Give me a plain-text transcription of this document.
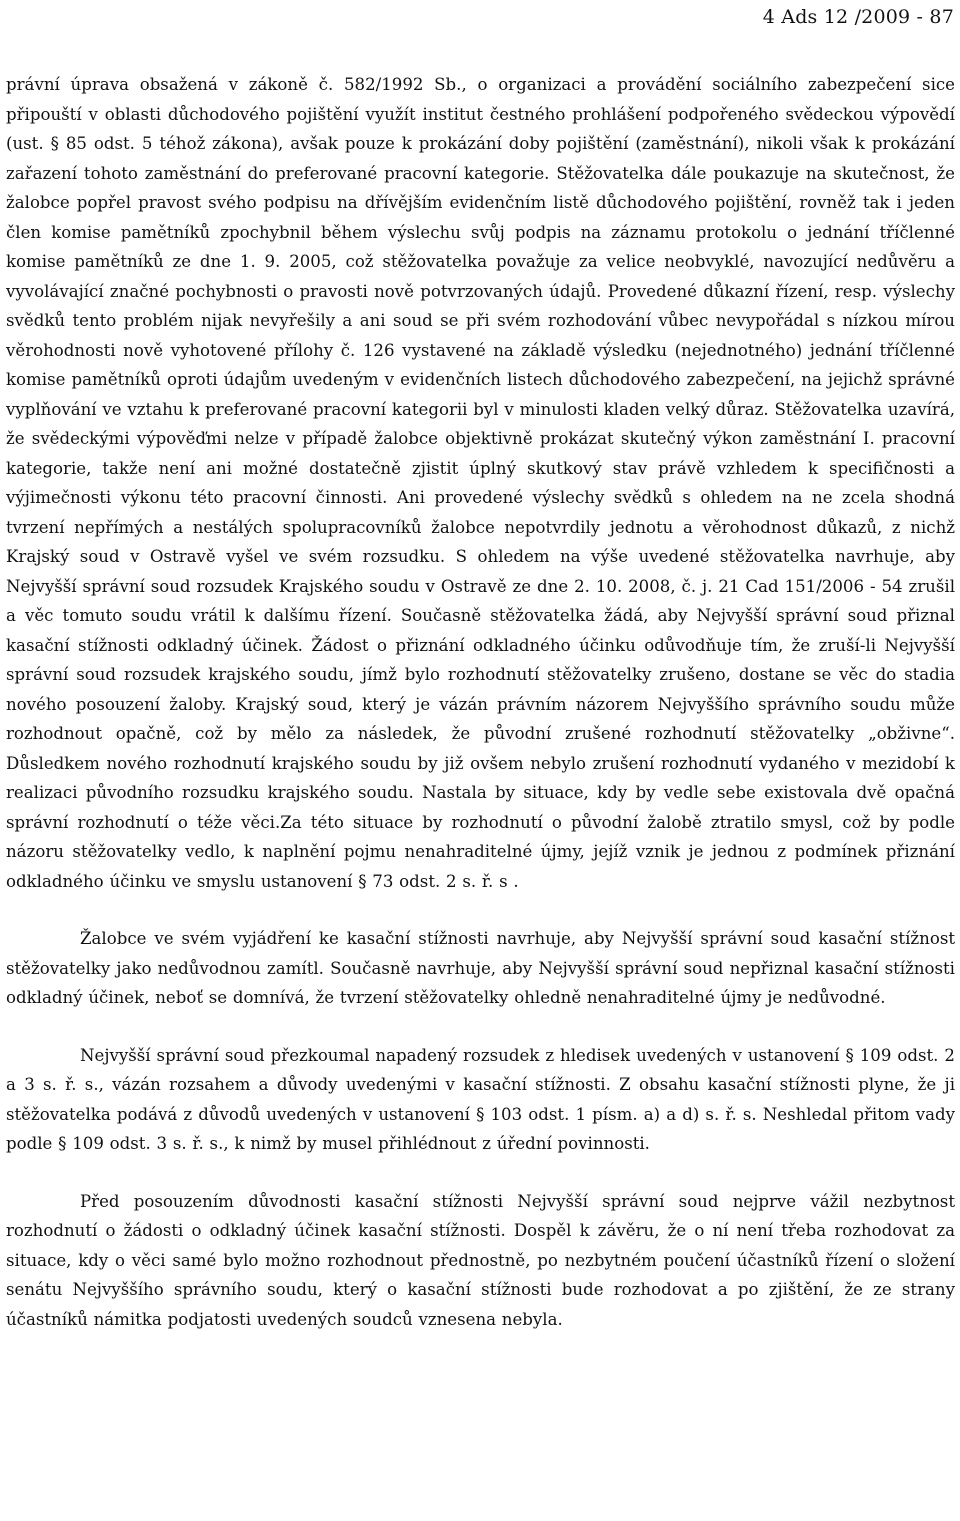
4 Ads 12 /2009 - 87

právní úprava obsažená v zákoně č. 582/1992 Sb., o organizaci a provádění sociálního zabezpečení sice připouští v oblasti důchodového pojištění využít institut čestného prohlášení podpořeného svědeckou výpovědí (ust. § 85 odst. 5 téhož zákona), avšak pouze k prokázání doby pojištění (zaměstnání), nikoli však k prokázání zařazení tohoto zaměstnání do preferované pracovní kategorie. Stěžovatelka dále poukazuje na skutečnost, že žalobce popřel pravost svého podpisu na dřívějším evidenčním listě důchodového pojištění, rovněž tak i jeden člen komise pamětníků zpochybnil během výslechu svůj podpis na záznamu protokolu o jednání tříčlenné komise pamětníků ze dne 1. 9. 2005, což stěžovatelka považuje za velice neobvyklé, navozující nedůvěru a vyvolávající značné pochybnosti o pravosti nově potvrzovaných údajů. Provedené důkazní řízení, resp. výslechy svědků tento problém nijak nevyřešily a ani soud se při svém rozhodování vůbec nevypořádal s nízkou mírou věrohodnosti nově vyhotovené přílohy č. 126 vystavené na základě výsledku (nejednotného) jednání tříčlenné komise pamětníků oproti údajům uvedeným v evidenčních listech důchodového zabezpečení, na jejichž správné vyplňování ve vztahu k preferované pracovní kategorii byl v minulosti kladen velký důraz. Stěžovatelka uzavírá, že svědeckými výpověďmi nelze v případě žalobce objektivně prokázat skutečný výkon zaměstnání I. pracovní kategorie, takže není ani možné dostatečně zjistit úplný skutkový stav právě vzhledem k specifičnosti a výjimečnosti výkonu této pracovní činnosti. Ani provedené výslechy svědků s ohledem na ne zcela shodná tvrzení nepřímých a nestálých spolupracovníků žalobce nepotvrdily jednotu a věrohodnost důkazů, z nichž Krajský soud v Ostravě vyšel ve svém rozsudku. S ohledem na výše uvedené stěžovatelka navrhuje, aby Nejvyšší správní soud rozsudek Krajského soudu v Ostravě ze dne 2. 10. 2008, č. j. 21 Cad 151/2006 - 54 zrušil a věc tomuto soudu vrátil k dalšímu řízení. Současně stěžovatelka žádá, aby Nejvyšší správní soud přiznal kasační stížnosti odkladný účinek. Žádost o přiznání odkladného účinku odůvodňuje tím, že zruší-li Nejvyšší správní soud rozsudek krajského soudu, jímž bylo rozhodnutí stěžovatelky zrušeno, dostane se věc do stadia nového posouzení žaloby. Krajský soud, který je vázán právním názorem Nejvyššího správního soudu může rozhodnout opačně, což by mělo za následek, že původní zrušené rozhodnutí stěžovatelky „obživne“. Důsledkem nového rozhodnutí krajského soudu by již ovšem nebylo zrušení rozhodnutí vydaného v mezidobí k realizaci původního rozsudku krajského soudu. Nastala by situace, kdy by vedle sebe existovala dvě opačná správní rozhodnutí o téže věci.Za této situace by rozhodnutí o původní žalobě ztratilo smysl, což by podle názoru stěžovatelky vedlo, k naplnění pojmu nenahraditelné újmy, jejíž vznik je jednou z podmínek přiznání odkladného účinku ve smyslu ustanovení § 73 odst. 2 s. ř. s .

Žalobce ve svém vyjádření ke kasační stížnosti navrhuje, aby Nejvyšší správní soud kasační stížnost stěžovatelky jako nedůvodnou zamítl. Současně navrhuje, aby Nejvyšší správní soud nepřiznal kasační stížnosti odkladný účinek, neboť se domnívá, že tvrzení stěžovatelky ohledně nenahraditelné újmy je nedůvodné.

Nejvyšší správní soud přezkoumal napadený rozsudek z hledisek uvedených v ustanovení § 109 odst. 2 a 3 s. ř. s., vázán rozsahem a důvody uvedenými v kasační stížnosti. Z obsahu kasační stížnosti plyne, že ji stěžovatelka podává z důvodů uvedených v ustanovení § 103 odst. 1 písm. a) a d) s. ř. s. Neshledal přitom vady podle § 109 odst. 3 s. ř. s., k nimž by musel přihlédnout z úřední povinnosti.

Před posouzením důvodnosti kasační stížnosti Nejvyšší správní soud nejprve vážil nezbytnost rozhodnutí o žádosti o odkladný účinek kasační stížnosti. Dospěl k závěru, že o ní není třeba rozhodovat za situace, kdy o věci samé bylo možno rozhodnout přednostně, po nezbytném poučení účastníků řízení o složení senátu Nejvyššího správního soudu, který o kasační stížnosti bude rozhodovat a po zjištění, že ze strany účastníků námitka podjatosti uvedených soudců vznesena nebyla.
